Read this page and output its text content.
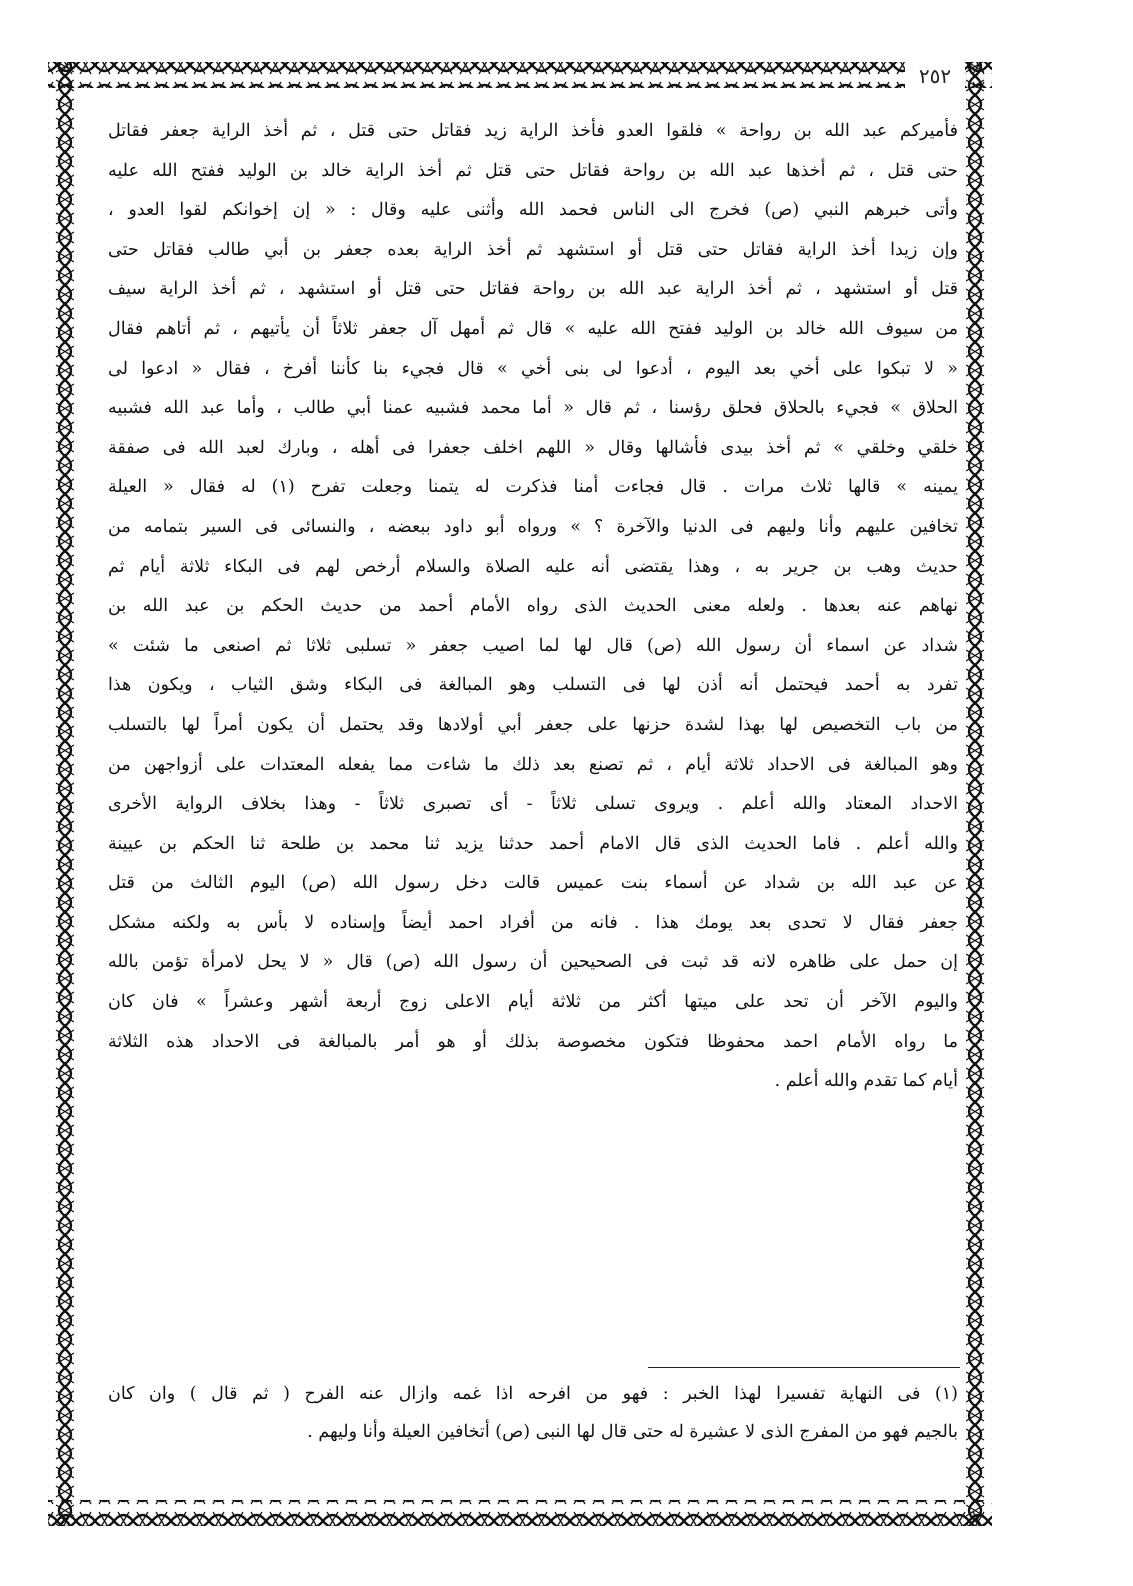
٢٥٢
فأميركم عبد الله بن رواحة » فلقوا العدو فأخذ الراية زيد فقاتل حتى قتل ، ثم أخذ الراية جعفر فقاتل
حتى قتل ، ثم أخذها عبد الله بن رواحة فقاتل حتى قتل ثم أخذ الراية خالد بن الوليد ففتح الله عليه
وأتى خبرهم النبي (ص) فخرج الى الناس فحمد الله وأثنى عليه وقال : « إن إخوانكم لقوا العدو ،
وإن زيدا أخذ الراية فقاتل حتى قتل أو استشهد ثم أخذ الراية بعده جعفر بن أبي طالب فقاتل حتى
قتل أو استشهد ، ثم أخذ الراية عبد الله بن رواحة فقاتل حتى قتل أو استشهد ، ثم أخذ الراية سيف
من سيوف الله خالد بن الوليد ففتح الله عليه » قال ثم أمهل آل جعفر ثلاثاً أن يأتيهم ، ثم أتاهم فقال
« لا تبكوا على أخي بعد اليوم ، أدعوا لى بنى أخي » قال فجيء بنا كأننا أفرخ ، فقال « ادعوا لى
الحلاق » فجيء بالحلاق فحلق رؤسنا ، ثم قال « أما محمد فشبيه عمنا أبي طالب ، وأما عبد الله فشبيه
خلقي وخلقي » ثم أخذ بيدى فأشالها وقال « اللهم اخلف جعفرا فى أهله ، وبارك لعبد الله فى صفقة
يمينه » قالها ثلاث مرات . قال فجاءت أمنا فذكرت له يتمنا وجعلت تفرح (١) له فقال « العيلة
تخافين عليهم وأنا وليهم فى الدنيا والآخرة ؟ » ورواه أبو داود ببعضه ، والنسائى فى السير بتمامه من
حديث وهب بن جرير به ، وهذا يقتضى أنه عليه الصلاة والسلام أرخص لهم فى البكاء ثلاثة أيام ثم
نهاهم عنه بعدها . ولعله معنى الحديث الذى رواه الأمام أحمد من حديث الحكم بن عبد الله بن
شداد عن اسماء أن رسول الله (ص) قال لها لما اصيب جعفر « تسلبى ثلاثا ثم اصنعى ما شئت »
تفرد به أحمد فيحتمل أنه أذن لها فى التسلب وهو المبالغة فى البكاء وشق الثياب ، ويكون هذا
من باب التخصيص لها بهذا لشدة حزنها على جعفر أبي أولادها وقد يحتمل أن يكون أمراً لها بالتسلب
وهو المبالغة فى الاحداد ثلاثة أيام ، ثم تصنع بعد ذلك ما شاءت مما يفعله المعتدات على أزواجهن من
الاحداد المعتاد والله أعلم . ويروى تسلى ثلاثاً - أى تصبرى ثلاثاً - وهذا بخلاف الرواية الأخرى
والله أعلم . فاما الحديث الذى قال الامام أحمد حدثنا يزيد ثنا محمد بن طلحة ثنا الحكم بن عيينة
عن عبد الله بن شداد عن أسماء بنت عميس قالت دخل رسول الله (ص) اليوم الثالث من قتل
جعفر فقال لا تحدى بعد يومك هذا . فانه من أفراد احمد أيضاً وإسناده لا بأس به ولكنه مشكل
إن حمل على ظاهره لانه قد ثبت فى الصحيحين أن رسول الله (ص) قال « لا يحل لامرأة تؤمن بالله
واليوم الآخر أن تحد على ميتها أكثر من ثلاثة أيام الاعلى زوج أربعة أشهر وعشراً » فان كان
ما رواه الأمام احمد محفوظا فتكون مخصوصة بذلك أو هو أمر بالمبالغة فى الاحداد هذه الثلاثة
أيام كما تقدم والله أعلم .
(١) فى النهاية تفسيرا لهذا الخبر : فهو من افرحه اذا غمه وازال عنه الفرح ( ثم قال ) وان كان
بالجيم فهو من المفرج الذى لا عشيرة له حتى قال لها النبى (ص) أتخافين العيلة وأنا وليهم .
